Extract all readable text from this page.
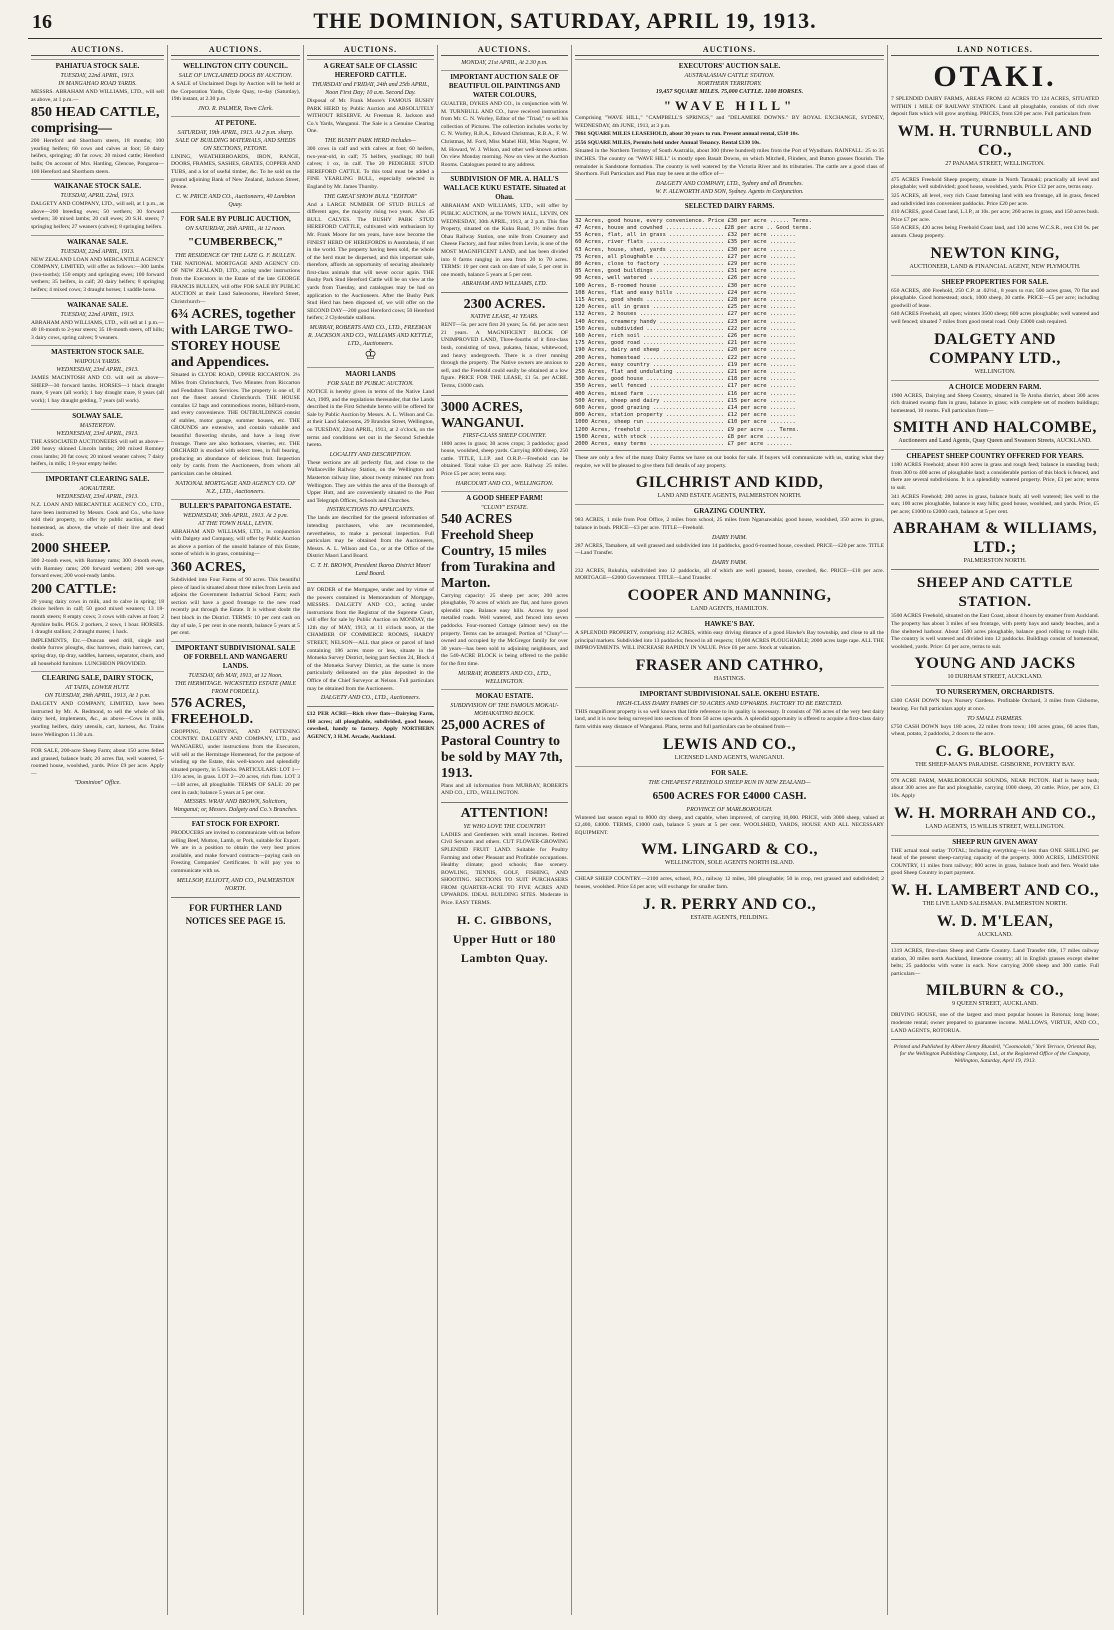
16	THE DOMINION, SATURDAY, APRIL 19, 1913.
AUCTIONS.
PAHIATUA STOCK SALE.
TUESDAY, 22nd APRIL, 1913.
IN MANGAHAO ROAD YARDS.
MESSRS. ABRAHAM AND WILLIAMS, LTD., will sell as above, at 1 p.m.—
850 HEAD CATTLE, comprising—
200 Hereford and Shorthorn steers, 18 months; 100 yearling heifers; 60 cows and calves at foot; 50 dairy heifers, springing; 40 fat cows; 20 mixed cattle; Hereford bulls; On account of Mrs. Harding, Glencoe, Pongaroa—100 Hereford and Shorthorn steers.
WAIKANAE STOCK SALE.
TUESDAY, APRIL 22nd, 1913.
DALGETY AND COMPANY, LTD., will sell, at 1 p.m., as above—200 breeding ewes; 50 wethers; 30 forward wethers; 30 mixed lambs; 20 cull ewes; 20 S.H. steers; 7 springing heifers; 27 weaners (calves); 8 springing heifers.
WAIKANAE SALE.
TUESDAY, 22nd APRIL, 1913.
NEW ZEALAND LOAN AND MERCANTILE AGENCY COMPANY, LIMITED, will offer as follows:—300 lambs (two-tooths); 150 empty and springing ewes; 100 forward wethers; 35 heifers, in calf; 20 dairy heifers; 8 springing heifers; 4 mixed cows; 3 draught horses; 1 saddle horse.
WAIKANAE SALE.
TUESDAY, 22nd APRIL, 1913.
ABRAHAM AND WILLIAMS, LTD., will sell at 1 p.m.—40 18-month to 2-year steers; 35 18-month steers, off hills; 3 dairy cows, spring calves; 9 weaners.
MASTERTON STOCK SALE.
WAIPOUA YARDS.
WEDNESDAY, 23rd APRIL, 1913.
JAMES MACINTOSH AND CO. will sell as above—SHEEP—30 forward lambs. HORSES—1 black draught mare, 6 years (all work); 1 bay draught mare, 8 years (all work); 1 bay draught gelding, 7 years (all work).
SOLWAY SALE.
MASTERTON.
WEDNESDAY, 23rd APRIL, 1913.
THE ASSOCIATED AUCTIONEERS will sell as above—200 heavy skinned Lincoln lambs; 200 mixed Romney cross lambs; 20 fat cows; 20 mixed weaner calves; 7 dairy heifers, in milk; 1 8-year empty heifer.
IMPORTANT CLEARING SALE.
AOKAUTERE.
WEDNESDAY, 23rd APRIL, 1913.
N.Z. LOAN AND MERCANTILE AGENCY CO., LTD., have been instructed by Messrs. Cook and Co., who have sold their property, to offer by public auction, at their homestead, as above, the whole of their live and dead stock.
2000 SHEEP.
300 2-tooth ewes, with Romney rams; 300 4-tooth ewes, with Romney rams; 200 forward wethers; 200 wet-age forward ewes; 200 wool-ready lambs.
200 CATTLE:
20 young dairy cows in milk, and to calve in spring; 18 choice heifers in calf; 50 good mixed weaners; 13 18-month steers; 8 empty cows; 3 cows with calves at foot; 2 Ayrshire bulls. PIGS. 2 porkers, 2 sows, 1 boar. HORSES. 1 draught stallion; 2 draught mares; 1 hack.
IMPLEMENTS, Etc.—Duncan seed drill, single and double furrow ploughs, disc harrows, chain harrows, cart, spring dray, tip dray, saddles, harness, separator, churn, and all household furniture. LUNCHEON PROVIDED.
CLEARING SALE, DAIRY STOCK,
AT TAITA, LOWER HUTT.
ON TUESDAY, 29th APRIL, 1913, At 1 p.m.
DALGETY AND COMPANY, LIMITED, have been instructed by Mr. A. Redmond, to sell the whole of his dairy herd, implements, &c., as above—Cows in milk, yearling heifers, dairy utensils, cart, harness, &c. Trains leave Wellington 11.30 a.m.
FOR SALE, 200-acre Sheep Farm; about 150 acres felled and grassed, balance bush; 20 acres flat, well watered, 5-roomed house, woolshed, yards. Price £9 per acre. Apply—
"Dominion" Office.
AUCTIONS.
WELLINGTON CITY COUNCIL.
SALE OF UNCLAIMED DOGS BY AUCTION.
A SALE of Unclaimed Dogs by Auction will be held at the Corporation Yards, Clyde Quay, to-day (Saturday), 19th instant, at 2.30 p.m.
JNO. R. PALMER, Town Clerk.
AT PETONE.
SATURDAY, 19th APRIL, 1913. At 2 p.m. sharp.
SALE OF BUILDING MATERIALS, AND SHEDS ON SECTIONS, PETONE.
LINING, WEATHERBOARDS, IRON, RANGE, DOORS, FRAMES, SASHES, GRATES, COPPER AND TUBS, and a lot of useful timber, &c. To be sold on the ground adjoining Bank of New Zealand, Jackson Street, Petone.
C. W. PRICE AND CO., Auctioneers, 40 Lambton Quay.
FOR SALE BY PUBLIC AUCTION,
ON SATURDAY, 26th APRIL, At 12 noon.
"CUMBERBECK,"
THE RESIDENCE OF THE LATE G. F. BULLEN.
THE NATIONAL MORTGAGE AND AGENCY CO. OF NEW ZEALAND, LTD., acting under instructions from the Executors in the Estate of the late GEORGE FRANCIS BULLEN, will offer FOR SALE BY PUBLIC AUCTION at their Land Salesrooms, Hereford Street, Christchurch—
6¾ ACRES, together with LARGE TWO-STOREY HOUSE and Appendices.
Situated in CLYDE ROAD, UPPER RICCARTON. 2¼ Miles from Christchurch, Two Minutes from Riccarton and Fendalton Tram Services. The property is one of, if not the finest around Christchurch. THE HOUSE contains 12 bags and commodious rooms, billiard-room, and every convenience. THE OUTBUILDINGS consist of stables, motor garage, summer houses, etc. THE GROUNDS are extensive, and contain valuable and beautiful flowering shrubs, and have a long river frontage. There are also hothouses, vineries, etc. THE ORCHARD is stocked with select trees, in full bearing, producing an abundance of delicious fruit. Inspection only by cards from the Auctioneers, from whom all particulars can be obtained.
NATIONAL MORTGAGE AND AGENCY CO. OF N.Z., LTD., Auctioneers.
BULLER'S PAPAITONGA ESTATE.
WEDNESDAY, 30th APRIL, 1913. At 2 p.m.
AT THE TOWN HALL, LEVIN.
ABRAHAM AND WILLIAMS, LTD., in conjunction with Dalgety and Company, will offer by Public Auction as above a portion of the unsold balance of this Estate, some of which is in grass, containing—
360 ACRES,
Subdivided into Four Farms of 90 acres. This beautiful piece of land is situated about three miles from Levin and adjoins the Government Industrial School Farm; each section will have a good frontage to the new road recently put through the Estate. It is without doubt the best block in the District. TERMS: 10 per cent cash on day of sale, 5 per cent in one month, balance 5 years at 5 per cent.
IMPORTANT SUBDIVISIONAL SALE OF FORBELL AND WANGAERU LANDS.
TUESDAY, 6th MAY, 1913, at 12 Noon.
THE HERMITAGE. WICKSTEED ESTATE (MILE FROM FORDELL).
576 ACRES, FREEHOLD.
CROPPING, DAIRYING, AND FATTENING COUNTRY. DALGETY AND COMPANY, LTD., and WANGAERU, under instructions from the Executors, will sell at the Hermitage Homestead, for the purpose of winding up the Estate, this well-known and splendidly situated property, in 5 blocks. PARTICULARS: LOT 1—13½ acres, in grass. LOT 2—20 acres, rich flats. LOT 3—148 acres, all ploughable. TERMS OF SALE: 20 per cent in cash; balance 5 years at 5 per cent.
MESSRS. WRAY AND BROWN, Solicitors, Wanganui; or, Messrs. Dalgety and Co.'s Branches.
FAT STOCK FOR EXPORT.
PRODUCERS are invited to communicate with us before selling Beef, Mutton, Lamb, or Pork, suitable for Export. We are in a position to obtain the very best prices available, and make forward contracts—paying cash on Freezing Companies' Certificates. It will pay you to communicate with us.
MELLSOP, ELLIOTT, AND CO., PALMERSTON NORTH.
FOR FURTHER LAND NOTICES SEE PAGE 15.
AUCTIONS.
A GREAT SALE OF CLASSIC HEREFORD CATTLE.
THURSDAY and FRIDAY, 24th and 25th APRIL, Noon First Day; 10 a.m. Second Day.
Disposal of Mr. Frank Moore's FAMOUS BUSHY PARK HERD by Public Auction and ABSOLUTELY WITHOUT RESERVE. At Freeman R. Jackson and Co.'s Yards, Wanganui. The Sale is a Genuine Clearing One.
THE BUSHY PARK HERD includes—
300 cows in calf and with calves at foot; 60 heifers, two-year-old, in calf; 75 heifers, yearlings; 80 bull calves; 1 ox, in calf. The 20 PEDIGREE STUD HEREFORD CATTLE. To this total must be added a FINE YEARLING BULL, especially selected in England by Mr. James Thursby.
THE GREAT SHOW BULL "EDITOR"
And a LARGE NUMBER OF STUD BULLS of different ages, the majority rising two years. Also 45 BULL CALVES. The BUSHY PARK STUD HEREFORD CATTLE, cultivated with enthusiasm by Mr. Frank Moore for ten years, have now become the FINEST HERD OF HEREFORDS in Australasia, if not in the world. The property having been sold, the whole of the herd must be dispersed, and this important sale, therefore, affords an opportunity of securing absolutely first-class animals that will never occur again. THE Bushy Park Stud Hereford Cattle will be on view at the yards from Tuesday, and catalogues may be had on application to the Auctioneers. After the Bushy Park Stud Herd has been disposed of, we will offer on the SECOND DAY—200 good Hereford cows; 50 Hereford heifers; 2 Clydesdale stallions.
MURRAY, ROBERTS AND CO., LTD., FREEMAN R. JACKSON AND CO., WILLIAMS AND KETTLE, LTD., Auctioneers.
♔
MAORI LANDS
FOR SALE BY PUBLIC AUCTION.
NOTICE is hereby given in terms of the Native Land Act, 1909, and the regulations thereunder, that the Lands described in the First Schedule hereto will be offered for Sale by Public Auction by Messrs. A. L. Wilson and Co. at their Land Salerooms, 29 Brandon Street, Wellington, on TUESDAY, 22nd APRIL, 1913, at 2 o'clock, on the terms and conditions set out in the Second Schedule hereto.
LOCALITY AND DESCRIPTION.
These sections are all perfectly flat, and close to the Wallaceville Railway Station, on the Wellington and Masterton railway line, about twenty minutes' run from Wellington. They are within the area of the Borough of Upper Hutt, and are conveniently situated to the Post and Telegraph Offices, Schools and Churches.
INSTRUCTIONS TO APPLICANTS.
The lands are described for the general information of intending purchasers, who are recommended, nevertheless, to make a personal inspection. Full particulars may be obtained from the Auctioneers, Messrs. A. L. Wilson and Co., or at the Office of the District Maori Land Board.
C. T. H. BROWN, President Ikaroa District Maori Land Board.
BY ORDER of the Mortgagee, under and by virtue of the powers contained in Memorandum of Mortgage, MESSRS. DALGETY AND CO., acting under instructions from the Registrar of the Supreme Court, will offer for sale by Public Auction on MONDAY, the 12th day of MAY, 1913, at 11 o'clock noon, at the CHAMBER OF COMMERCE ROOMS, HARDY STREET, NELSON—ALL that piece or parcel of land containing 186 acres more or less, situate in the Motueka Survey District, being part Section 24, Block 4 of the Motueka Survey District, as the same is more particularly delineated on the plan deposited in the Office of the Chief Surveyor at Nelson. Full particulars may be obtained from the Auctioneers.
DALGETY AND CO., LTD., Auctioneers.
£12 PER ACRE—Rich river flats—Dairying Farm, 160 acres; all ploughable, subdivided, good house, cowshed, handy to factory. Apply NORTHERN AGENCY, 3 H.M. Arcade, Auckland.
AUCTIONS.
MONDAY, 21st APRIL, At 2.30 p.m.
IMPORTANT AUCTION SALE OF BEAUTIFUL OIL PAINTINGS AND WATER COLOURS,
GUALTER, DYKES AND CO., in conjunction with W. M. TURNBULL AND CO., have received instructions from Mr. C. N. Worley, Editor of the "Triad," to sell his collection of Pictures. The collection includes works by C. N. Worley, R.B.A., Edward Christmas, R.B.A., F. W. Christmas, M. Ford, Miss Mabel Hill, Miss Nugent, W. M. Howard, W. J. Wilson, and other well-known artists. On view Monday morning. Now on view at the Auction Rooms. Catalogues posted to any address.
SUBDIVISION OF MR. A. HALL'S WALLACE KUKU ESTATE. Situated at Ohau.
ABRAHAM AND WILLIAMS, LTD., will offer by PUBLIC AUCTION, at the TOWN HALL, LEVIN, ON WEDNESDAY, 30th APRIL, 1913, at 2 p.m. This fine Property, situated on the Kuku Road, 1½ miles from Ohau Railway Station, one mile from Creamery and Cheese Factory, and four miles from Levin, is one of the MOST MAGNIFICENT LAND, and has been divided into 8 farms ranging in area from 20 to 70 acres. TERMS: 10 per cent cash on date of sale, 5 per cent in one month, balance 5 years at 5 per cent.
ABRAHAM AND WILLIAMS, LTD.
2300 ACRES.
NATIVE LEASE, 41 YEARS.
RENT—5s. per acre first 20 years; 5s. 6d. per acre next 21 years. A MAGNIFICENT BLOCK OF UNIMPROVED LAND, Three-fourths of it first-class bush, consisting of tawa, pukatea, hinau, whitewood, and heavy undergrowth. There is a river running through the property. The Native owners are anxious to sell, and the Freehold could easily be obtained at a low figure. PRICE FOR THE LEASE, £1 5s. per ACRE. Terms, £1000 cash.
3000 ACRES, WANGANUI.
FIRST-CLASS SHEEP COUNTRY.
1800 acres in grass; 30 acres crops; 3 paddocks; good house, woolshed, sheep yards. Carrying 4000 sheep, 250 cattle. TITLE, L.I.P. and O.R.P.—Freehold can be obtained. Total value £3 per acre. Railway 25 miles. Price £5 per acre; terms easy.
HARCOURT AND CO., WELLINGTON.
A GOOD SHEEP FARM!
"CLUNY" ESTATE.
540 ACRES Freehold Sheep Country, 15 miles from Turakina and Marton.
Carrying capacity: 25 sheep per acre; 200 acres ploughable, 70 acres of which are flat, and have grown splendid rape. Balance easy hills. Access by good metalled roads. Well watered, and fenced into seven paddocks. Four-roomed Cottage (almost new) on the property. Terms can be arranged. Portion of "Cluny"—owned and occupied by the McGregor family for over 30 years—has been sold to adjoining neighbours, and the 540-ACRE BLOCK is being offered to the public for the first time.
MURRAY, ROBERTS AND CO., LTD., WELLINGTON.
MOKAU ESTATE.
SUBDIVISION OF THE FAMOUS MOKAU-MOHAKATINO BLOCK.
25,000 ACRES of Pastoral Country to be sold by MAY 7th, 1913.
Plans and all information from MURRAY, ROBERTS AND CO., LTD., WELLINGTON.
ATTENTION!
YE WHO LOVE THE COUNTRY!
LADIES and Gentlemen with small incomes. Retired Civil Servants and others. CUT FLOWER-GROWING SPLENDID FRUIT LAND. Suitable for Poultry Farming and other Pleasant and Profitable occupations. Healthy climate; good schools; fine scenery. BOWLING, TENNIS, GOLF, FISHING, AND SHOOTING. SECTIONS TO SUIT PURCHASERS FROM QUARTER-ACRE TO FIVE ACRES AND UPWARDS. IDEAL BUILDING SITES. Moderate in Price. EASY TERMS.
H. C. GIBBONS, Upper Hutt or 180 Lambton Quay.
AUCTIONS.
EXECUTORS' AUCTION SALE.
AUSTRALASIAN CATTLE STATION.
NORTHERN TERRITORY.
19,457 SQUARE MILES. 75,000 CATTLE. 1100 HORSES.
"WAVE HILL"
Comprising "WAVE HILL," "CAMPBELL'S SPRINGS," and "DELAMERE DOWNS." BY ROYAL EXCHANGE, SYDNEY, WEDNESDAY, 4th JUNE, 1913, at 3 p.m.
7861 SQUARE MILES LEASEHOLD, about 30 years to run. Present annual rental, £510 10s.
2556 SQUARE MILES, Permits held under Annual Tenancy. Rental £130 10s.
Situated in the Northern Territory of South Australia, about 300 (three hundred) miles from the Port of Wyndham. RAINFALL: 25 to 35 INCHES. The country on "WAVE HILL" is mostly open Basalt Downs, on which Mitchell, Flinders, and Button grasses flourish. The remainder is Sandstone formation. The country is well watered by the Victoria River and its tributaries. The cattle are a good class of Shorthorn. Full Particulars and Plan may be seen at the office of—
DALGETY AND COMPANY, LTD., Sydney and all Branches.
W. F. ALLWORTH AND SON, Sydney. Agents in Conjunction.
SELECTED DAIRY FARMS.
32 Acres, good house, every convenience. Price £30 per acre ...... Terms.
47 Acres, house and cowshed ................. £28 per acre .. Good terms.
55 Acres, flat, all in grass ................. £32 per acre ........
60 Acres, river flats ........................ £35 per acre ........
63 Acres, house, shed, yards ................. £30 per acre ........
75 Acres, all ploughable ..................... £27 per acre ........
80 Acres, close to factory ................... £29 per acre ........
85 Acres, good buildings ..................... £31 per acre ........
90 Acres, well watered ....................... £26 per acre ........
100 Acres, 8-roomed house .................... £30 per acre ........
108 Acres, flat and easy hills ............... £24 per acre ........
115 Acres, good sheds ........................ £28 per acre ........
120 Acres, all in grass ...................... £25 per acre ........
132 Acres, 2 houses .......................... £27 per acre ........
140 Acres, creamery handy .................... £23 per acre ........
150 Acres, subdivided ........................ £22 per acre ........
160 Acres, rich soil ......................... £26 per acre ........
175 Acres, good road ......................... £21 per acre ........
190 Acres, dairy and sheep ................... £20 per acre ........
200 Acres, homestead ......................... £22 per acre ........
220 Acres, easy country ...................... £19 per acre ........
250 Acres, flat and undulating ............... £21 per acre ........
300 Acres, good house ........................ £18 per acre ........
350 Acres, well fenced ....................... £17 per acre ........
400 Acres, mixed farm ........................ £16 per acre ........
500 Acres, sheep and dairy ................... £15 per acre ........
600 Acres, good grazing ...................... £14 per acre ........
800 Acres, station property .................. £12 per acre ........
1000 Acres, sheep run ........................ £10 per acre ........
1200 Acres, freehold ......................... £9 per acre ... Terms.
1500 Acres, with stock ....................... £8 per acre ........
2000 Acres, easy terms ....................... £7 per acre ........
These are only a few of the many Dairy Farms we have on our books for sale. If buyers will communicate with us, stating what they require, we will be pleased to give them full details of any property.
GILCHRIST AND KIDD,
LAND AND ESTATE AGENTS, PALMERSTON NORTH.
GRAZING COUNTRY.
983 ACRES, 1 mile from Post Office, 2 miles from school, 25 miles from Ngaruawahia; good house, woolshed, 350 acres in grass, balance in bush. PRICE—£3 per acre. TITLE—Freehold.
DAIRY FARM.
287 ACRES, Tamahere, all well grassed and subdivided into 14 paddocks, good 6-roomed house, cowshed. PRICE—£20 per acre. TITLE—Land Transfer.
DAIRY FARM.
232 ACRES, Rukuhia, subdivided into 12 paddocks, all of which are well grassed, house, cowshed, &c. PRICE—£18 per acre. MORTGAGE—£2000 Government. TITLE—Land Transfer.
COOPER AND MANNING,
LAND AGENTS, HAMILTON.
HAWKE'S BAY.
A SPLENDID PROPERTY, comprising 412 ACRES, within easy driving distance of a good Hawke's Bay township, and close to all the principal markets. Subdivided into 13 paddocks; fenced in all respects; 10,000 ACRES PLOUGHABLE; 2000 acres large rape. ALL THE IMPROVEMENTS. WILL INCREASE RAPIDLY IN VALUE. Price £6 per acre. Stock at valuation.
FRASER AND CATHRO,
HASTINGS.
IMPORTANT SUBDIVISIONAL SALE. OKEHU ESTATE.
HIGH-CLASS DAIRY FARMS OF 50 ACRES AND UPWARDS. FACTORY TO BE ERECTED.
THIS magnificent property is so well known that little reference to its quality is necessary. It consists of 786 acres of the very best dairy land, and it is now being surveyed into sections of from 50 acres upwards. A splendid opportunity is offered to acquire a first-class dairy farm within easy distance of Wanganui. Plans, terms and full particulars can be obtained from—
LEWIS AND CO.,
LICENSED LAND AGENTS, WANGANUI.
FOR SALE.
THE CHEAPEST FREEHOLD SHEEP RUN IN NEW ZEALAND—
6500 ACRES FOR £4000 CASH.
PROVINCE OF MARLBOROUGH.
Wintered last season equal to 8000 dry sheep, and capable, when improved, of carrying 10,000. PRICE, with 3000 sheep, valued at £2,400, £4000. TERMS, £1000 cash, balance 5 years at 5 per cent. WOOLSHED, YARDS, HOUSE AND ALL NECESSARY EQUIPMENT.
WM. LINGARD & CO.,
WELLINGTON, SOLE AGENTS NORTH ISLAND.
CHEAP SHEEP COUNTRY.—2100 acres, school, P.O., railway 12 miles, 300 ploughable; 50 in crop, rest grassed and subdivided; 2 houses, woolshed. Price £4 per acre; will exchange for smaller farm.
J. R. PERRY AND CO.,
ESTATE AGENTS, FEILDING.
LAND NOTICES.
OTAKI.
7 SPLENDID DAIRY FARMS, AREAS FROM 42 ACRES TO 124 ACRES, SITUATED WITHIN 1 MILE OF RAILWAY STATION. Land all ploughable, consists of rich river deposit flats which will grow anything. PRICES, from £20 per acre. Full particulars from
WM. H. TURNBULL AND CO.,
27 PANAMA STREET, WELLINGTON.
475 ACRES Freehold Sheep property, situate in North Taranaki; practically all level and ploughable; well subdivided; good house, woolshed, yards. Price £12 per acre, terms easy.
325 ACRES, all level, very rich Coast fattening land with sea frontage, all in grass, fenced and subdivided into convenient paddocks. Price £20 per acre.
410 ACRES, good Coast land, L.I.P., at 10s. per acre; 260 acres in grass, and 150 acres bush. Price £7 per acre.
550 ACRES, 420 acres being Freehold Coast land, and 130 acres W.C.S.R., rent £10 9s. per annum. Cheap property.
NEWTON KING,
AUCTIONEER, LAND & FINANCIAL AGENT, NEW PLYMOUTH.
SHEEP PROPERTIES FOR SALE.
650 ACRES, 400 Freehold, 250 C.P. at .02½d., 8 years to run; 500 acres grass, 70 flat and ploughable. Good homestead; stock, 1000 sheep, 30 cattle. PRICE—£5 per acre; including goodwill of lease.
640 ACRES Freehold, all open; winters 3500 sheep; 600 acres ploughable; well watered and well fenced; situated 7 miles from good metal road. Only £3000 cash required.
DALGETY AND COMPANY LTD.,
WELLINGTON.
A CHOICE MODERN FARM.
1900 ACRES, Dairying and Sheep Country, situated in Te Aroha district, about 300 acres rich drained swamp flats in grass, balance in grass; with complete set of modern buildings; homestead, 10 rooms. Full particulars from—
SMITH AND HALCOMBE,
Auctioneers and Land Agents, Quay Queen and Swanson Streets, AUCKLAND.
CHEAPEST SHEEP COUNTRY OFFERED FOR YEARS.
1180 ACRES Freehold; about 810 acres in grass and rough feed; balance in standing bush; from 300 to 400 acres of ploughable land; a considerable portion of this block is fenced, and there are several subdivisions. It is a splendidly watered property. Price, £3 per acre; terms to suit.
341 ACRES Freehold; 280 acres in grass, balance bush; all well watered; lies well to the sun; 100 acres ploughable, balance is easy hills; good house, woolshed, and yards. Price, £5 per acre; £1000 to £2000 cash, balance at 5 per cent.
ABRAHAM & WILLIAMS, LTD.;
PALMERSTON NORTH.
SHEEP AND CATTLE STATION.
3500 ACRES Freehold, situated on the East Coast, about 4 hours by steamer from Auckland. The property has about 3 miles of sea frontage, with pretty bays and sandy beaches, and a fine sheltered harbour. About 1500 acres ploughable, balance good rolling to rough hills. The country is well watered and divided into 12 paddocks. Buildings consist of homestead, woolshed, yards. Price: £4 per acre, terms to suit.
YOUNG AND JACKS
10 DURHAM STREET, AUCKLAND.
TO NURSERYMEN, ORCHARDISTS.
£300 CASH DOWN buys Nursery Gardens. Profitable Orchard, 3 miles from Gisborne, bearing. For full particulars apply at once.
TO SMALL FARMERS.
£750 CASH DOWN buys 180 acres, 22 miles from town; 100 acres grass, 60 acres flats, wheat, potato, 2 paddocks, 2 doors to the acre.
C. G. BLOORE,
THE SHEEP-MAN'S PARADISE. GISBORNE, POVERTY BAY.
978 ACRE FARM, MARLBOROUGH SOUNDS, NEAR PICTON. Half is heavy bush; about 300 acres are flat and ploughable, carrying 1000 sheep, 20 cattle. Price, per acre, £3 10s. Apply
W. H. MORRAH AND CO.,
LAND AGENTS, 15 WILLIS STREET, WELLINGTON.
SHEEP RUN GIVEN AWAY
THE actual total outlay TOTAL; Including everything—is less than ONE SHILLING per head of the present sheep-carrying capacity of the property. 3000 ACRES, LIMESTONE COUNTRY, 11 miles from railway; 800 acres in grass, balance bush and fern. Would take good Sheep Country in part payment.
W. H. LAMBERT AND CO.,
THE LIVE LAND SALESMAN. PALMERSTON NORTH.
W. D. M'LEAN,
AUCKLAND.
1319 ACRES, first-class Sheep and Cattle Country. Land Transfer title, 17 miles railway station, 30 miles north Auckland, limestone country; all in English grasses except shelter belts; 25 paddocks with water in each. Now carrying 2000 sheep and 300 cattle. Full particulars—
MILBURN & CO.,
9 QUEEN STREET, AUCKLAND.
DRIVING HOUSE, one of the largest and most popular houses in Rotorua; long lease; moderate rental; owner prepared to guarantee income. MALLOWS, VIRTUE, AND CO., LAND AGENTS, ROTORUA.
Printed and Published by Albert Henry Blundell, "Coomoolah," York Terrace, Oriental Bay, for the Wellington Publishing Company, Ltd., at the Registered Office of the Company, Wellington, Saturday, April 19, 1913.
